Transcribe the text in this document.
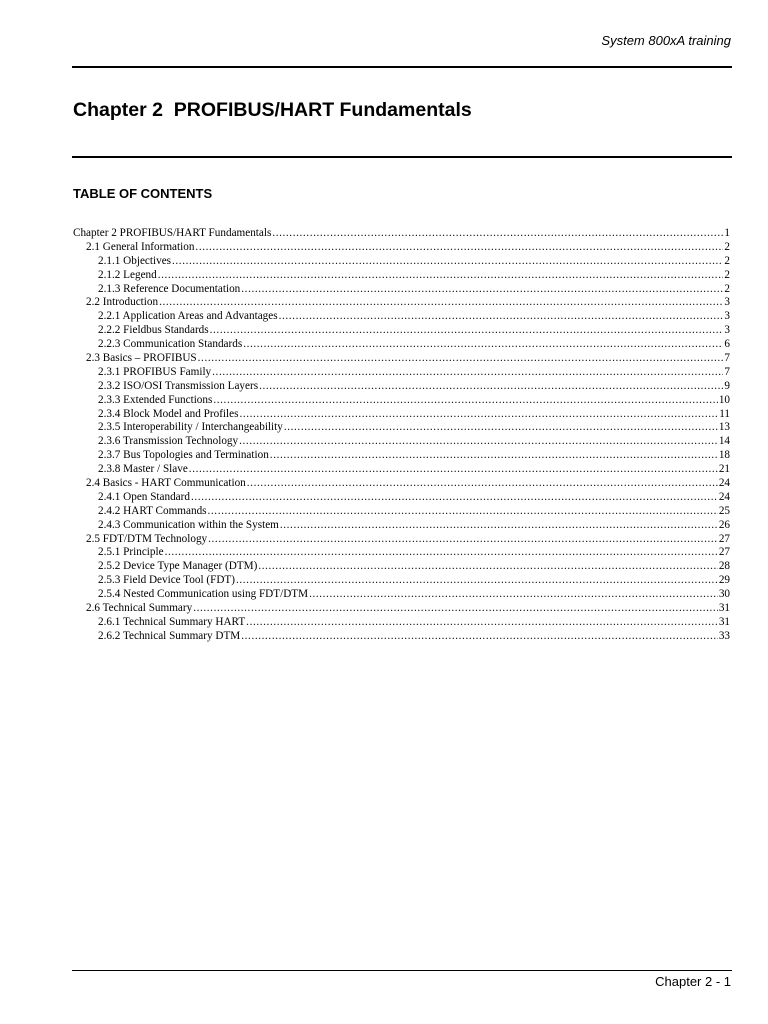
System 800xA training
Chapter 2  PROFIBUS/HART Fundamentals
TABLE OF CONTENTS
Chapter 2 PROFIBUS/HART Fundamentals .....	1
2.1 General Information .....	2
2.1.1 Objectives .....	2
2.1.2 Legend .....	2
2.1.3 Reference Documentation .....	2
2.2 Introduction .....	3
2.2.1 Application Areas and Advantages .....	3
2.2.2 Fieldbus Standards .....	3
2.2.3 Communication Standards .....	6
2.3 Basics – PROFIBUS .....	7
2.3.1 PROFIBUS Family .....	7
2.3.2 ISO/OSI Transmission Layers .....	9
2.3.3 Extended Functions .....	10
2.3.4 Block Model and Profiles .....	11
2.3.5 Interoperability / Interchangeability .....	13
2.3.6 Transmission Technology .....	14
2.3.7 Bus Topologies and Termination .....	18
2.3.8 Master / Slave .....	21
2.4 Basics - HART Communication .....	24
2.4.1 Open Standard .....	24
2.4.2 HART Commands .....	25
2.4.3 Communication within the System .....	26
2.5 FDT/DTM Technology .....	27
2.5.1 Principle .....	27
2.5.2 Device Type Manager (DTM) .....	28
2.5.3 Field Device Tool (FDT) .....	29
2.5.4 Nested Communication using FDT/DTM .....	30
2.6 Technical Summary .....	31
2.6.1 Technical Summary HART .....	31
2.6.2 Technical Summary DTM .....	33
Chapter 2 - 1
